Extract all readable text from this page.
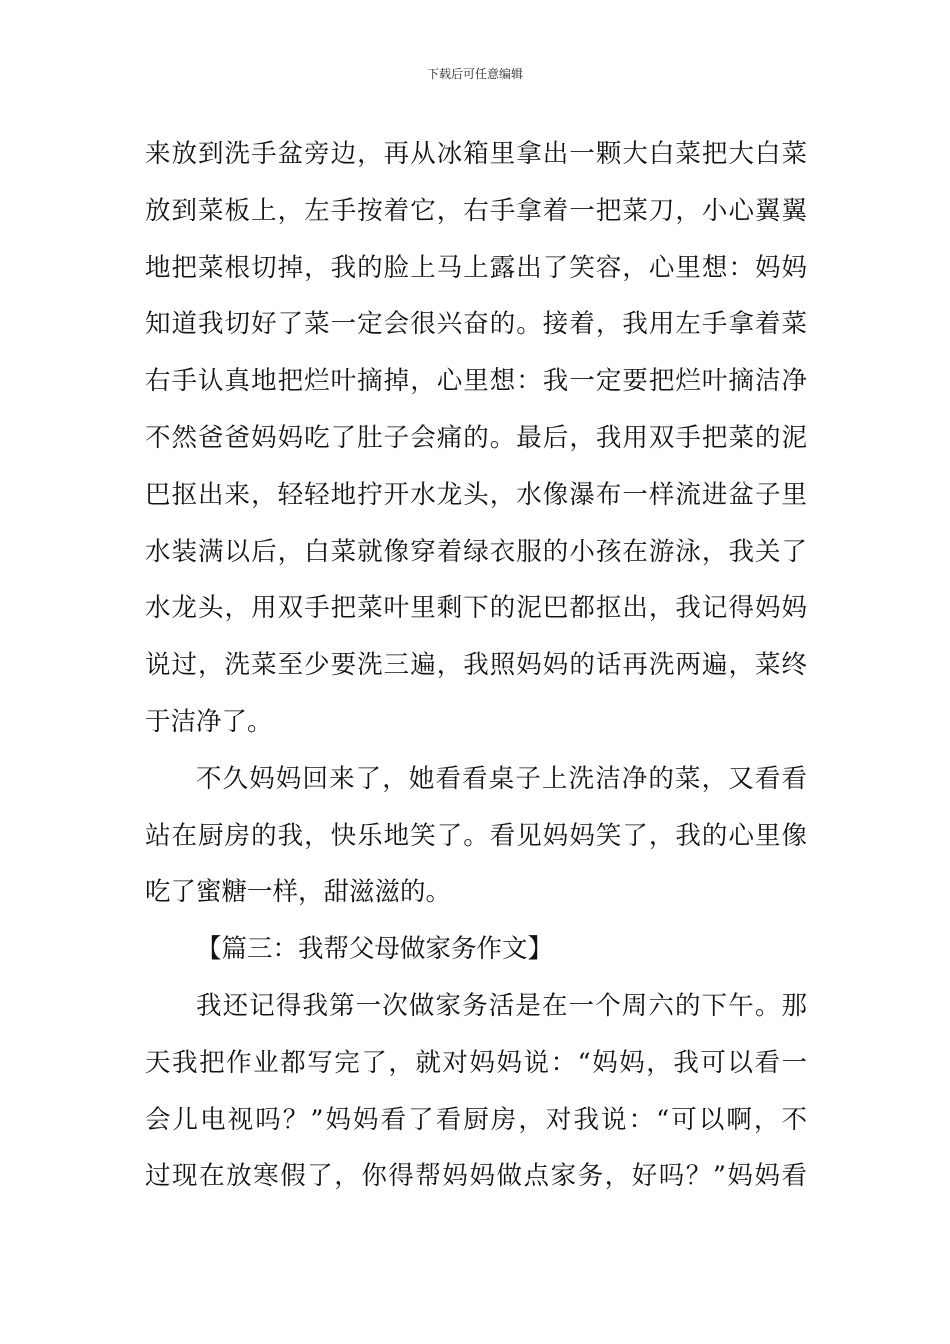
下载后可任意编辑
来放到洗手盆旁边，再从冰箱里拿出一颗大白菜把大白菜
放到菜板上，左手按着它，右手拿着一把菜刀，小心翼翼
地把菜根切掉，我的脸上马上露出了笑容，心里想：妈妈
知道我切好了菜一定会很兴奋的。接着，我用左手拿着菜
右手认真地把烂叶摘掉，心里想：我一定要把烂叶摘洁净
不然爸爸妈妈吃了肚子会痛的。最后，我用双手把菜的泥
巴抠出来，轻轻地拧开水龙头，水像瀑布一样流进盆子里
水装满以后，白菜就像穿着绿衣服的小孩在游泳，我关了
水龙头，用双手把菜叶里剩下的泥巴都抠出，我记得妈妈
说过，洗菜至少要洗三遍，我照妈妈的话再洗两遍，菜终
于洁净了。
不久妈妈回来了，她看看桌子上洗洁净的菜，又看看
站在厨房的我，快乐地笑了。看见妈妈笑了，我的心里像
吃了蜜糖一样，甜滋滋的。
【篇三：我帮父母做家务作文】
我还记得我第一次做家务活是在一个周六的下午。那
天我把作业都写完了，就对妈妈说：“妈妈，我可以看一
会儿电视吗？”妈妈看了看厨房，对我说：“可以啊，不
过现在放寒假了，你得帮妈妈做点家务，好吗？”妈妈看
